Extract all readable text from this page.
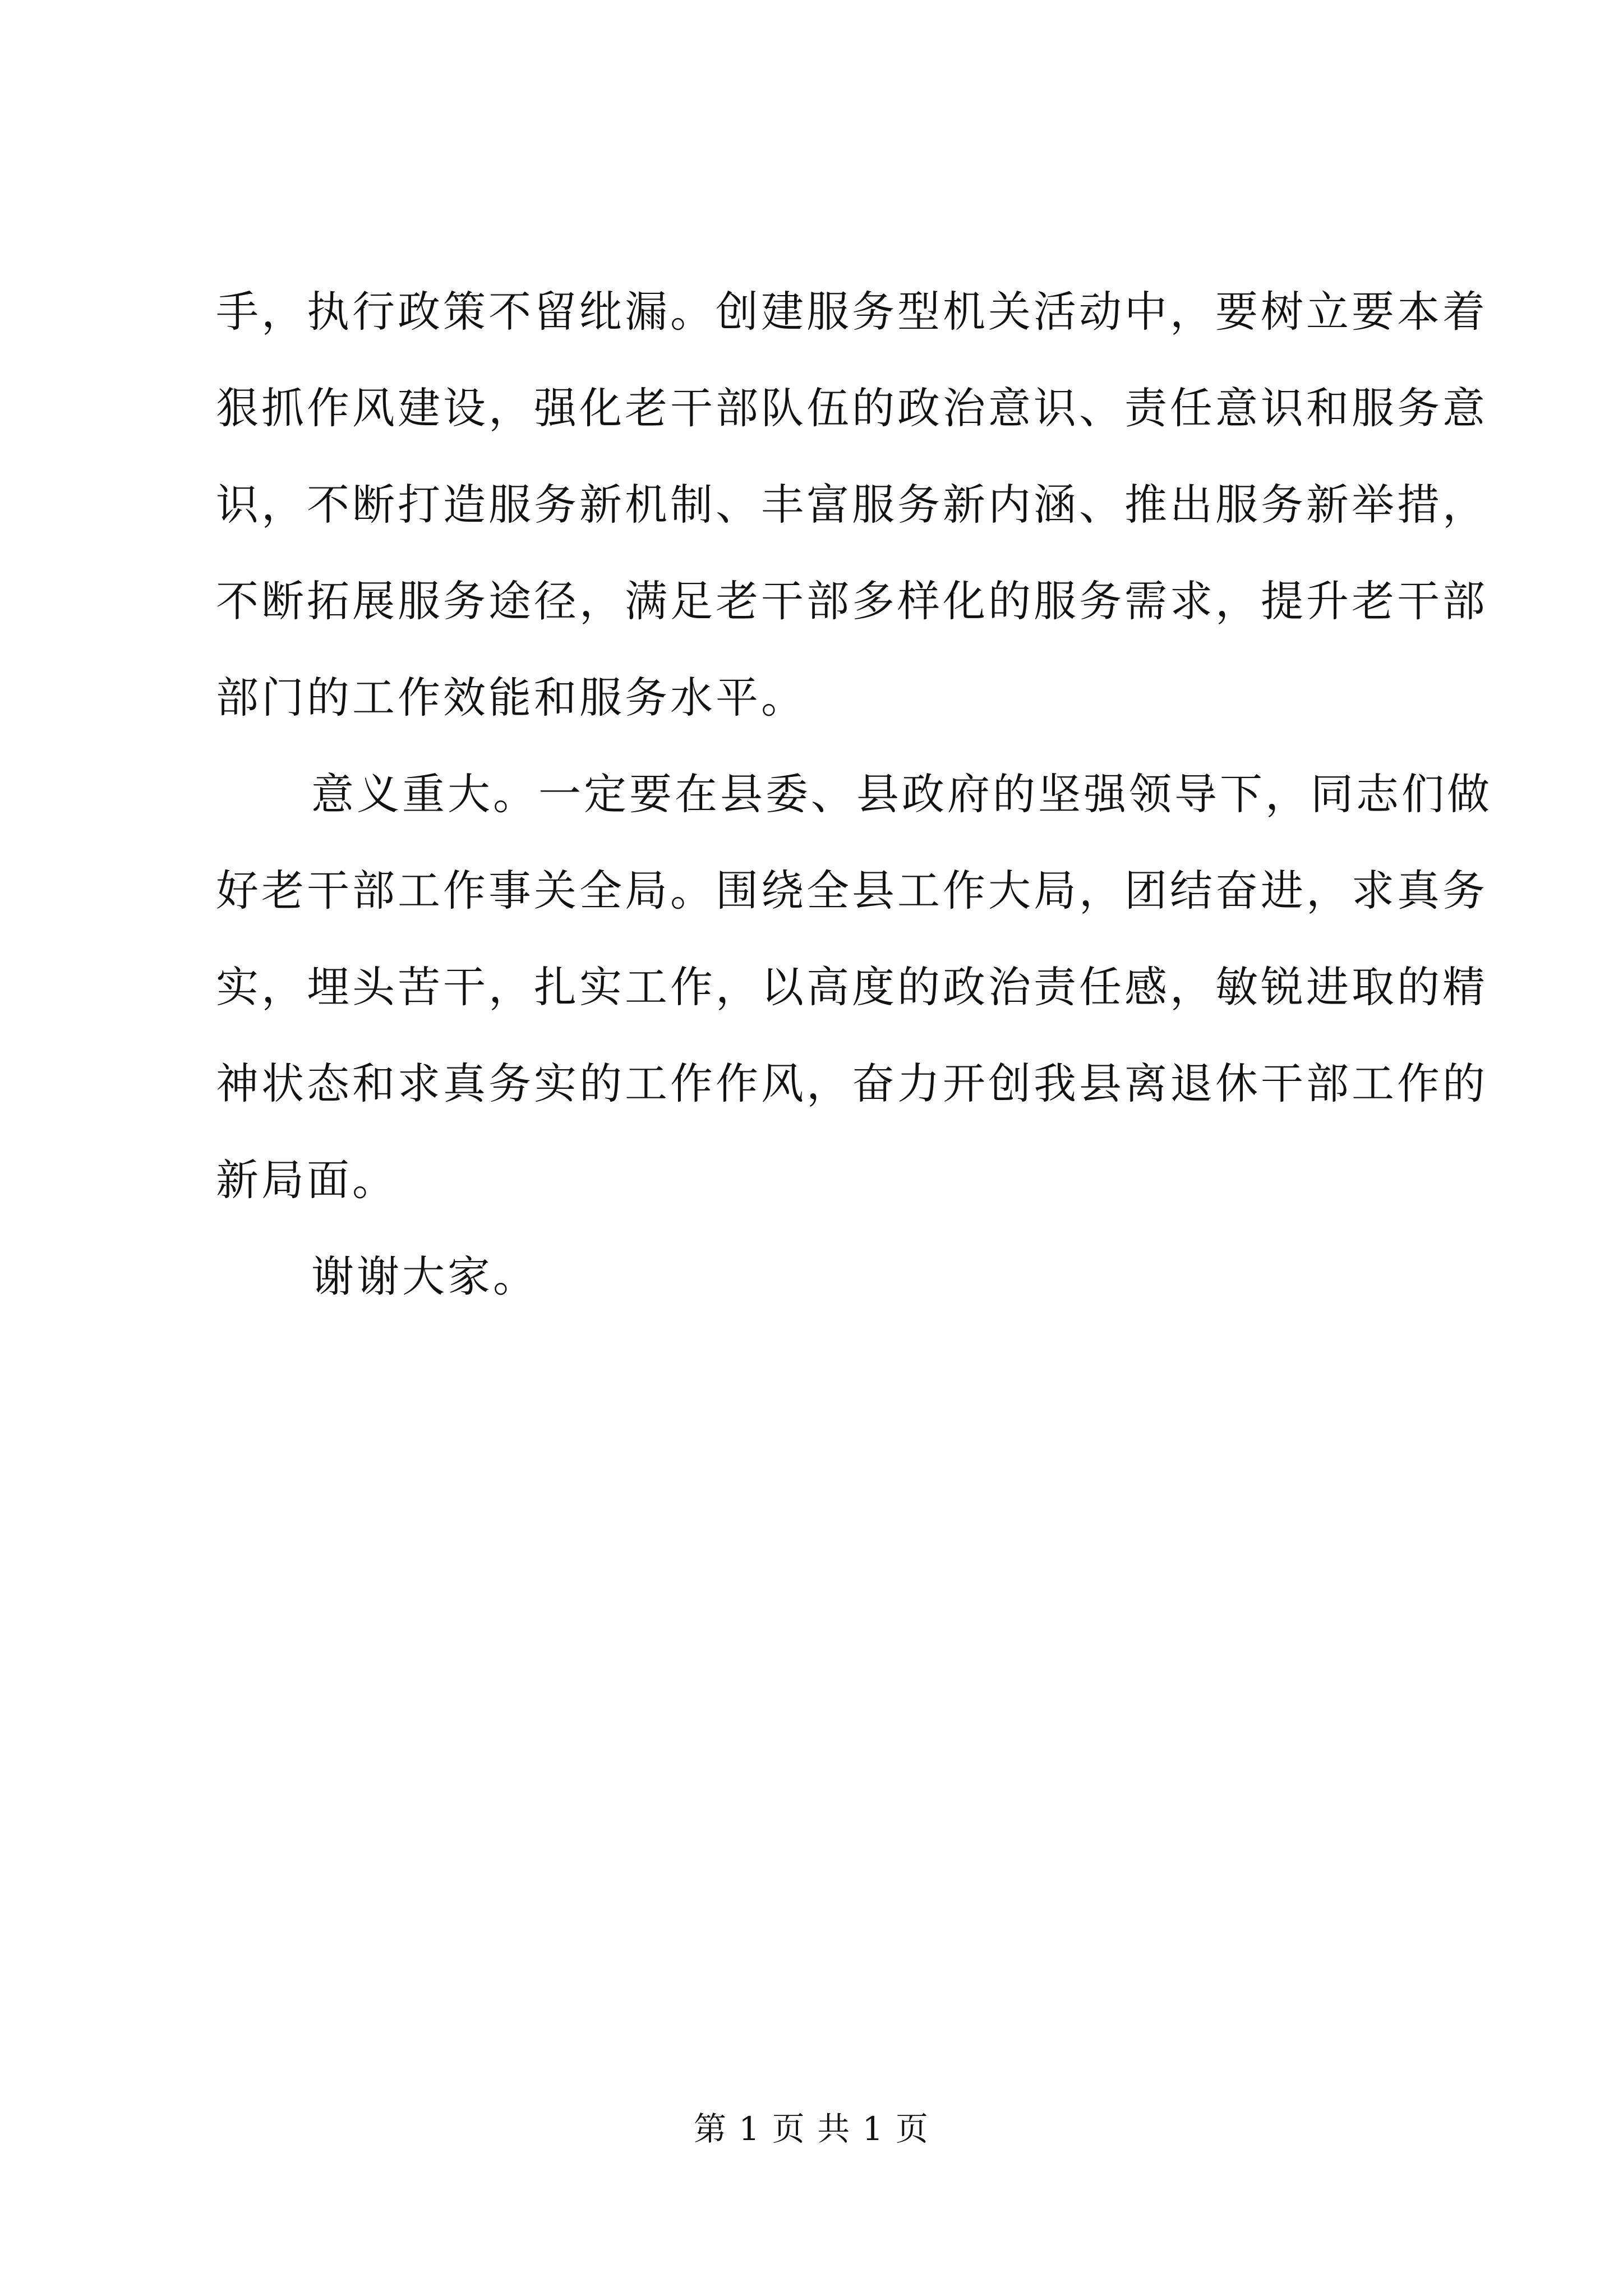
手，执行政策不留纰漏。创建服务型机关活动中，要树立要本着
狠抓作风建设，强化老干部队伍的政治意识、责任意识和服务意
识，不断打造服务新机制、丰富服务新内涵、推出服务新举措，
不断拓展服务途径，满足老干部多样化的服务需求，提升老干部
部门的工作效能和服务水平。
意义重大。一定要在县委、县政府的坚强领导下，同志们做
好老干部工作事关全局。围绕全县工作大局，团结奋进，求真务
实，埋头苦干，扎实工作，以高度的政治责任感，敏锐进取的精
神状态和求真务实的工作作风，奋力开创我县离退休干部工作的
新局面。
谢谢大家。
第 1 页 共 1 页
